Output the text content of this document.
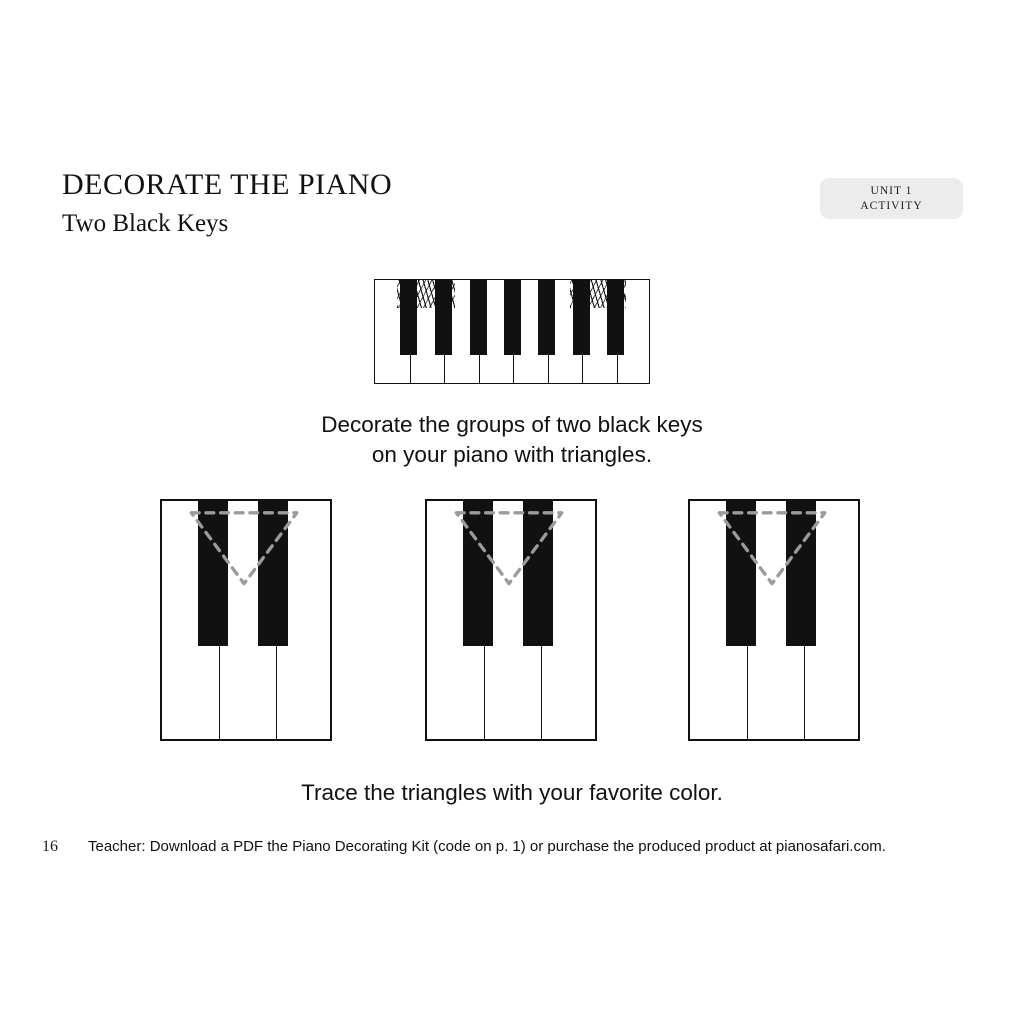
DECORATE THE PIANO
Two Black Keys
UNIT 1
ACTIVITY
Decorate the groups of two black keys
on your piano with triangles.
Trace the triangles with your favorite color.
16 Teacher: Download a PDF the Piano Decorating Kit (code on p. 1) or purchase the produced product at pianosafari.com.
